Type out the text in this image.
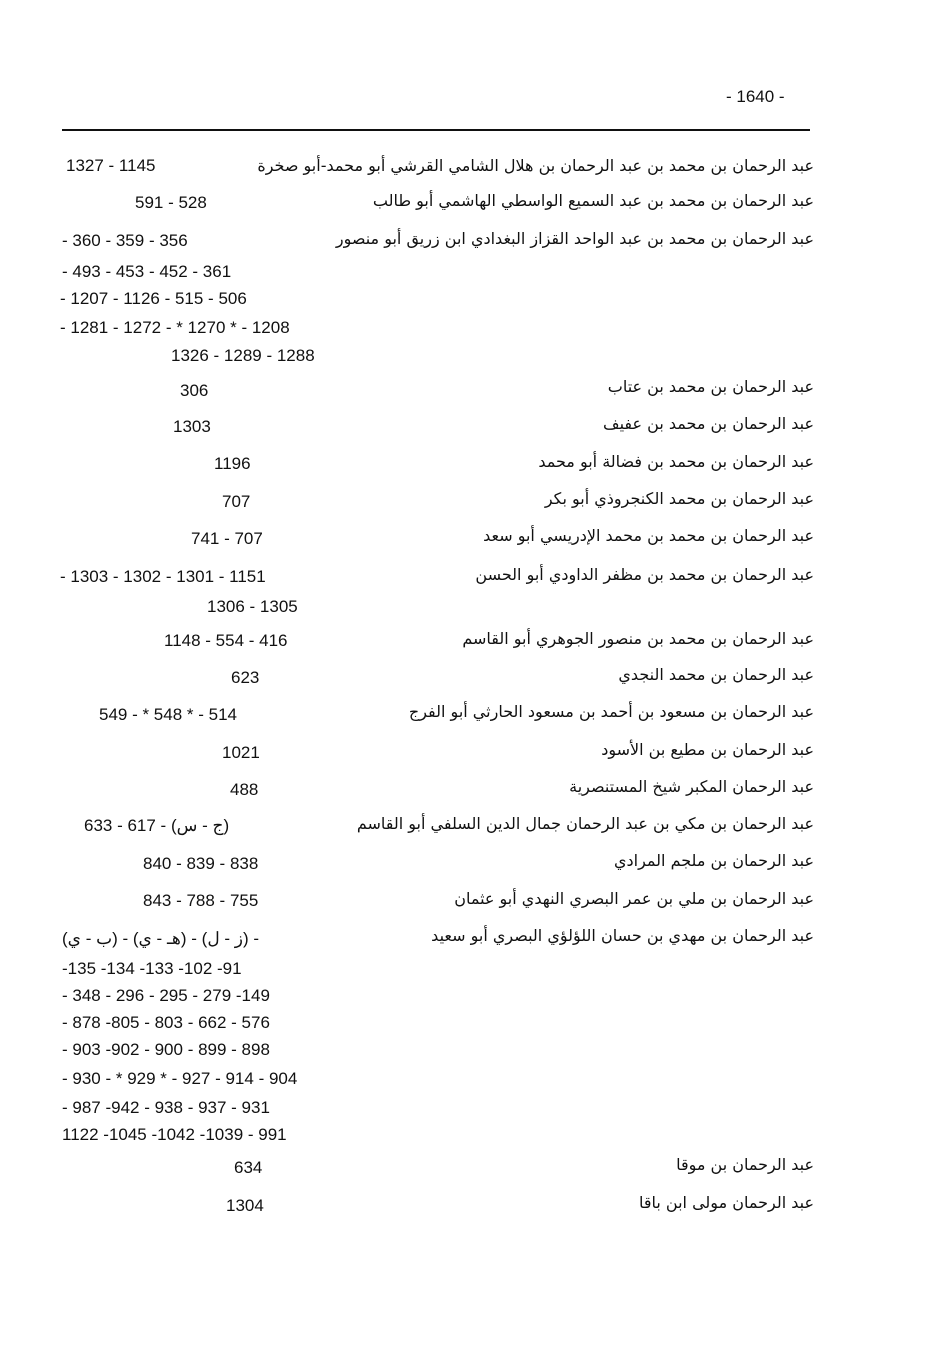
- 1640 -
عبد الرحمان بن محمد بن عبد الرحمان بن هلال الشامي القرشي أبو محمد-أبو صخرة
1327 - 1145
عبد الرحمان بن محمد بن عبد السميع الواسطي الهاشمي أبو طالب
591 - 528
عبد الرحمان بن محمد بن عبد الواحد القزاز البغدادي ابن زريق أبو منصور
- 360 - 359 - 356
- 493 - 453 - 452 - 361
- 1207 - 1126 - 515 - 506
- 1281 - 1272 - * 1270 * - 1208
1326 - 1289 - 1288
عبد الرحمان بن محمد بن عتاب
306
عبد الرحمان بن محمد بن عفيف
1303
عبد الرحمان بن محمد بن فضالة أبو محمد
1196
عبد الرحمان بن محمد الكنجروذي أبو بكر
707
عبد الرحمان بن محمد بن محمد الإدريسي أبو سعد
741 - 707
عبد الرحمان بن محمد بن مظفر الداودي أبو الحسن
- 1303 - 1302 - 1301 - 1151
1306 - 1305
عبد الرحمان بن محمد بن منصور الجوهري أبو القاسم
1148 - 554 - 416
عبد الرحمان بن محمد النجدي
623
عبد الرحمان بن مسعود بن أحمد بن مسعود الحارثي أبو الفرج
549 - * 548 * - 514
عبد الرحمان بن مطيع بن الأسود
1021
عبد الرحمان المكبر شيخ المستنصرية
488
عبد الرحمان بن مكي بن عبد الرحمان جمال الدين السلفي أبو القاسم
633 - 617 - (ج - س)
عبد الرحمان بن ملجم المرادي
840 - 839 - 838
عبد الرحمان بن ملي بن عمر البصري النهدي أبو عثمان
843 - 788 - 755
عبد الرحمان بن مهدي بن حسان اللؤلؤي البصري أبو سعيد
(ب - ي) - (هـ - ي) - (ز - ل) -
-135 -134 -133 -102 -91
- 348 - 296 - 295 - 279 -149
- 878 -805 - 803 - 662 - 576
- 903 -902 - 900 - 899 - 898
- 930 - * 929 * - 927 - 914 - 904
- 987 -942 - 938 - 937 - 931
1122 -1045 -1042 -1039 - 991
عبد الرحمان بن موقا
634
عبد الرحمان مولى ابن باقا
1304
